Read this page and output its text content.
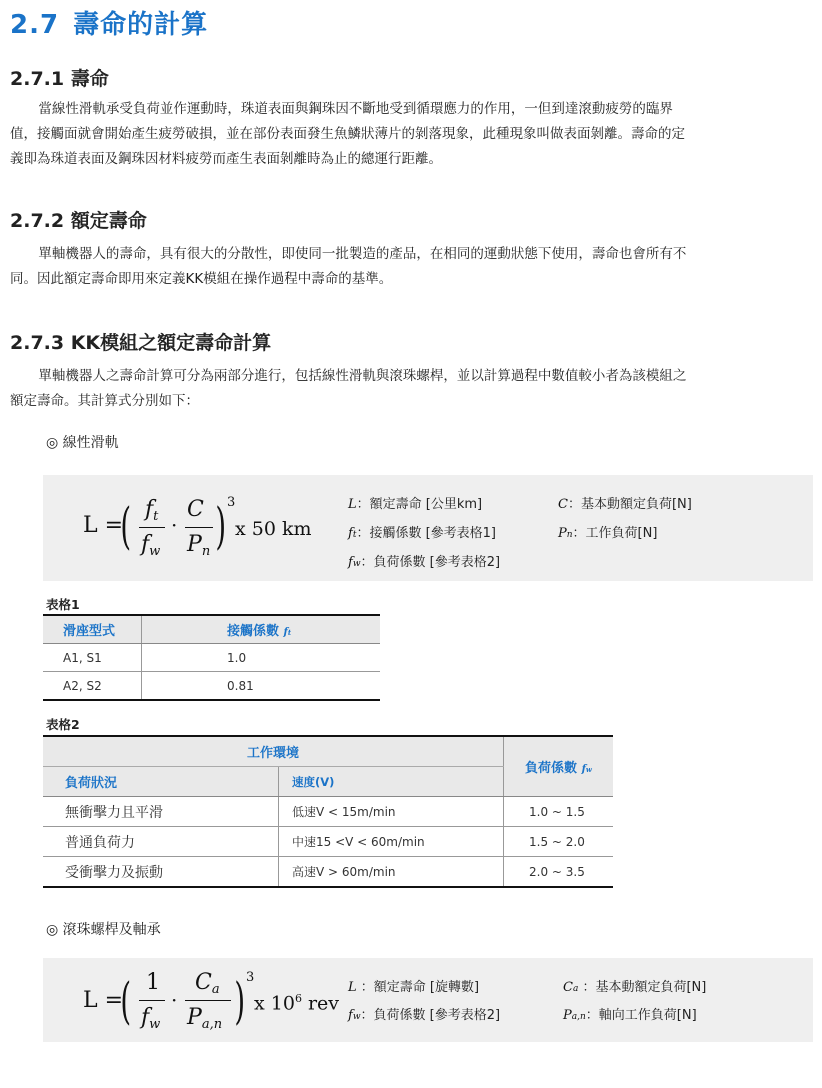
2.7 壽命的計算
2.7.1 壽命
當線性滑軌承受負荷並作運動時，珠道表面與鋼珠因不斷地受到循環應力的作用，一但到達滾動疲勞的臨界
值，接觸面就會開始產生疲勞破損，並在部份表面發生魚鱗狀薄片的剝落現象，此種現象叫做表面剝離。壽命的定
義即為珠道表面及鋼珠因材料疲勞而產生表面剝離時為止的總運行距離。
2.7.2 額定壽命
單軸機器人的壽命，具有很大的分散性，即使同一批製造的產品，在相同的運動狀態下使用，壽命也會所有不
同。因此額定壽命即用來定義KK模組在操作過程中壽命的基準。
2.7.3 KK模組之額定壽命計算
單軸機器人之壽命計算可分為兩部分進行，包括線性滑軌與滾珠螺桿，並以計算過程中數值較小者為該模組之
額定壽命。其計算式分別如下：
◎ 線性滑軌
L =
( ft
fw
·
C
Pn ) 3
x 50 km
L：額定壽命 [公里km]
ft：接觸係數 [參考表格1]
fw：負荷係數 [參考表格2]
C：基本動額定負荷[N]
Pn：工作負荷[N]
表格1
滑座型式	接觸係數 ft
A1, S1	1.0
A2, S2	0.81
表格2
工作環境		負荷係數 fw
負荷狀況	速度(V)	
無衝擊力且平滑	低速V < 15m/min	1.0 ~ 1.5
普通負荷力	中速15 <V < 60m/min	1.5 ~ 2.0
受衝擊力及振動	高速V > 60m/min	2.0 ~ 3.5
◎ 滾珠螺桿及軸承
L =
( 1
fw
·
Ca
Pa,n ) 3
x $10^6$ rev
L ：額定壽命 [旋轉數]
fw：負荷係數 [參考表格2]
Ca ：基本動額定負荷[N]
Pa,n：軸向工作負荷[N]
